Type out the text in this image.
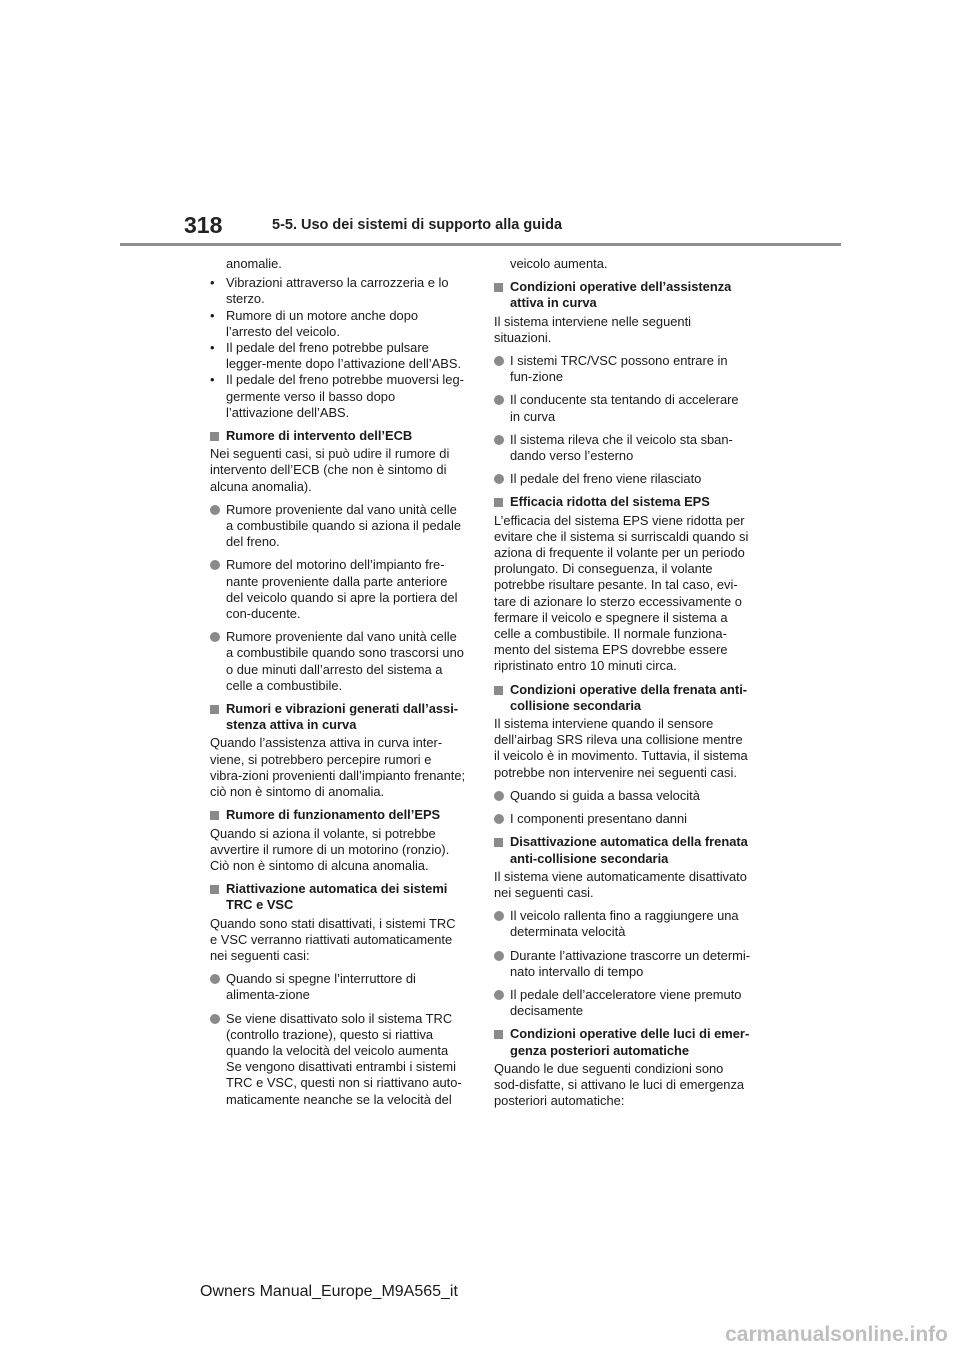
318	5-5. Uso dei sistemi di supporto alla guida
anomalie.
• Vibrazioni attraverso la carrozzeria e lo sterzo.
• Rumore di un motore anche dopo l’arresto del veicolo.
• Il pedale del freno potrebbe pulsare legger-mente dopo l’attivazione dell’ABS.
• Il pedale del freno potrebbe muoversi leg-germente verso il basso dopo l’attivazione dell’ABS.
Rumore di intervento dell’ECB
Nei seguenti casi, si può udire il rumore di intervento dell’ECB (che non è sintomo di alcuna anomalia).
Rumore proveniente dal vano unità celle a combustibile quando si aziona il pedale del freno.
Rumore del motorino dell’impianto fre-nante proveniente dalla parte anteriore del veicolo quando si apre la portiera del con-ducente.
Rumore proveniente dal vano unità celle a combustibile quando sono trascorsi uno o due minuti dall’arresto del sistema a celle a combustibile.
Rumori e vibrazioni generati dall’assi-stenza attiva in curva
Quando l’assistenza attiva in curva inter-viene, si potrebbero percepire rumori e vibra-zioni provenienti dall’impianto frenante; ciò non è sintomo di anomalia.
Rumore di funzionamento dell’EPS
Quando si aziona il volante, si potrebbe avvertire il rumore di un motorino (ronzio). Ciò non è sintomo di alcuna anomalia.
Riattivazione automatica dei sistemi TRC e VSC
Quando sono stati disattivati, i sistemi TRC e VSC verranno riattivati automaticamente nei seguenti casi:
Quando si spegne l’interruttore di alimenta-zione
Se viene disattivato solo il sistema TRC (controllo trazione), questo si riattiva quando la velocità del veicolo aumenta Se vengono disattivati entrambi i sistemi TRC e VSC, questi non si riattivano auto-maticamente neanche se la velocità del
veicolo aumenta.
Condizioni operative dell’assistenza attiva in curva
Il sistema interviene nelle seguenti situazioni.
I sistemi TRC/VSC possono entrare in fun-zione
Il conducente sta tentando di accelerare in curva
Il sistema rileva che il veicolo sta sban-dando verso l’esterno
Il pedale del freno viene rilasciato
Efficacia ridotta del sistema EPS
L’efficacia del sistema EPS viene ridotta per evitare che il sistema si surriscaldi quando si aziona di frequente il volante per un periodo prolungato. Di conseguenza, il volante potrebbe risultare pesante. In tal caso, evi-tare di azionare lo sterzo eccessivamente o fermare il veicolo e spegnere il sistema a celle a combustibile. Il normale funziona-mento del sistema EPS dovrebbe essere ripristinato entro 10 minuti circa.
Condizioni operative della frenata anti-collisione secondaria
Il sistema interviene quando il sensore dell’airbag SRS rileva una collisione mentre il veicolo è in movimento. Tuttavia, il sistema potrebbe non intervenire nei seguenti casi.
Quando si guida a bassa velocità
I componenti presentano danni
Disattivazione automatica della frenata anti-collisione secondaria
Il sistema viene automaticamente disattivato nei seguenti casi.
Il veicolo rallenta fino a raggiungere una determinata velocità
Durante l’attivazione trascorre un determi-nato intervallo di tempo
Il pedale dell’acceleratore viene premuto decisamente
Condizioni operative delle luci di emer-genza posteriori automatiche
Quando le due seguenti condizioni sono sod-disfatte, si attivano le luci di emergenza posteriori automatiche:
Owners Manual_Europe_M9A565_it
carmanualsonline.info
